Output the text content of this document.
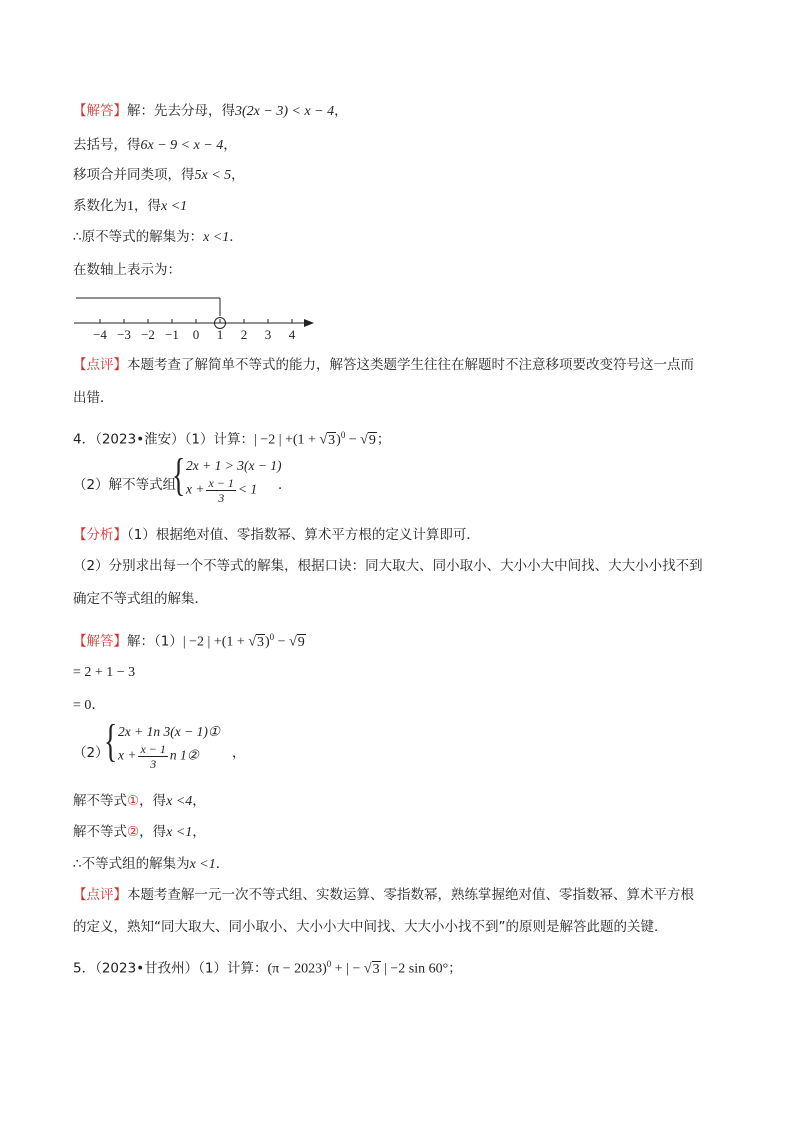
【解答】解：先去分母，得3(2x − 3) < x − 4，
去括号，得6x − 9 < x − 4，
移项合并同类项，得5x < 5，
系数化为1，得x <1
∴原不等式的解集为：x <1．
在数轴上表示为：
−4 −3 −2 −1 0 1 2 3 4
【点评】本题考查了解简单不等式的能力，解答这类题学生往往在解题时不注意移项要改变符号这一点而
出错．
4．（2023•淮安）（1）计算：| −2 | $+(1 + √3)^0 - √9$；
（2）解不等式组
{ 2x + 1 > 3(x − 1)
$x + \frac{x - 1}{3} < 1$ ．
【分析】（1）根据绝对值、零指数幂、算术平方根的定义计算即可．
（2）分别求出每一个不等式的解集，根据口诀：同大取大、同小取小、大小小大中间找、大大小小找不到
确定不等式组的解集．
【解答】解：（1）| −2 | $+(1 + √3)^0 - √9$
= 2 + 1 − 3
= 0．
（2）
{ 2x + 1n 3(x − 1)①
$x + \frac{x - 1}{3}$ n 1② ，
解不等式①，得x <4，
解不等式②，得x <1，
∴不等式组的解集为x <1．
【点评】本题考查解一元一次不等式组、实数运算、零指数幂，熟练掌握绝对值、零指数幂、算术平方根
的定义，熟知“同大取大、同小取小、大小小大中间找、大大小小找不到”的原则是解答此题的关键．
5．（2023•甘孜州）（1）计算：$(\pi - 2023)^0$ + | − √3 | −2 sin 60°；
